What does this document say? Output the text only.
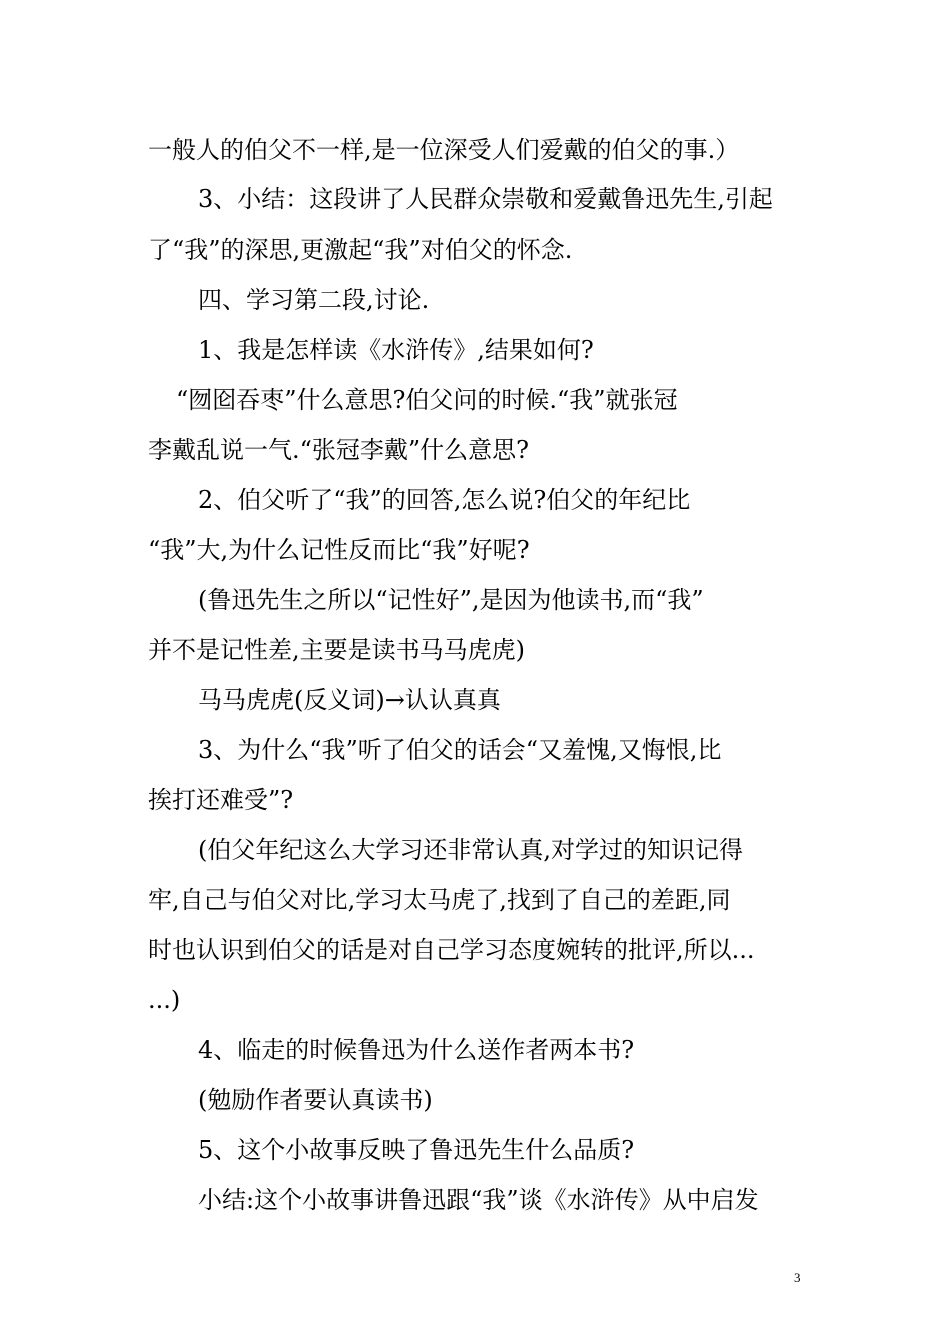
一般人的伯父不一样,是一位深受人们爱戴的伯父的事.）
3、小结：这段讲了人民群众崇敬和爱戴鲁迅先生,引起
了“我”的深思,更激起“我”对伯父的怀念.
四、学习第二段,讨论.
1、我是怎样读《水浒传》,结果如何?
“囫囵吞枣”什么意思?伯父问的时候.“我”就张冠
李戴乱说一气.“张冠李戴”什么意思?
2、伯父听了“我”的回答,怎么说?伯父的年纪比
“我”大,为什么记性反而比“我”好呢?
(鲁迅先生之所以“记性好”,是因为他读书,而“我”
并不是记性差,主要是读书马马虎虎)
马马虎虎(反义词)→认认真真
3、为什么“我”听了伯父的话会“又羞愧,又悔恨,比
挨打还难受”?
(伯父年纪这么大学习还非常认真,对学过的知识记得
牢,自己与伯父对比,学习太马虎了,找到了自己的差距,同
时也认识到伯父的话是对自己学习态度婉转的批评,所以...
...)
4、临走的时候鲁迅为什么送作者两本书?
(勉励作者要认真读书)
5、这个小故事反映了鲁迅先生什么品质?
小结:这个小故事讲鲁迅跟“我”谈《水浒传》从中启发
3
